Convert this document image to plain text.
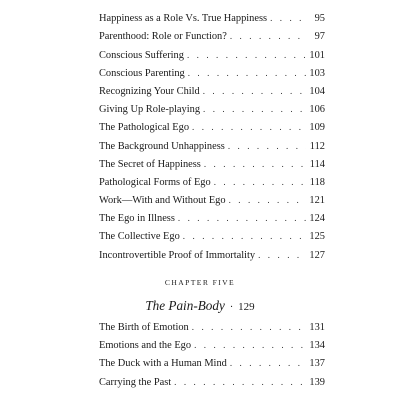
Happiness as a Role Vs. True Happiness . . .	95
Parenthood: Role or Function? . . .	97
Conscious Suffering . . .	101
Conscious Parenting . . .	103
Recognizing Your Child . . .	104
Giving Up Role-playing . . .	106
The Pathological Ego . . .	109
The Background Unhappiness . . .	112
The Secret of Happiness . . .	114
Pathological Forms of Ego . . .	118
Work—With and Without Ego . . .	121
The Ego in Illness . . .	124
The Collective Ego . . .	125
Incontrovertible Proof of Immortality . . .	127
CHAPTER FIVE
The Pain-Body · 129
The Birth of Emotion . . .	131
Emotions and the Ego . . .	134
The Duck with a Human Mind . . .	137
Carrying the Past . . .	139
